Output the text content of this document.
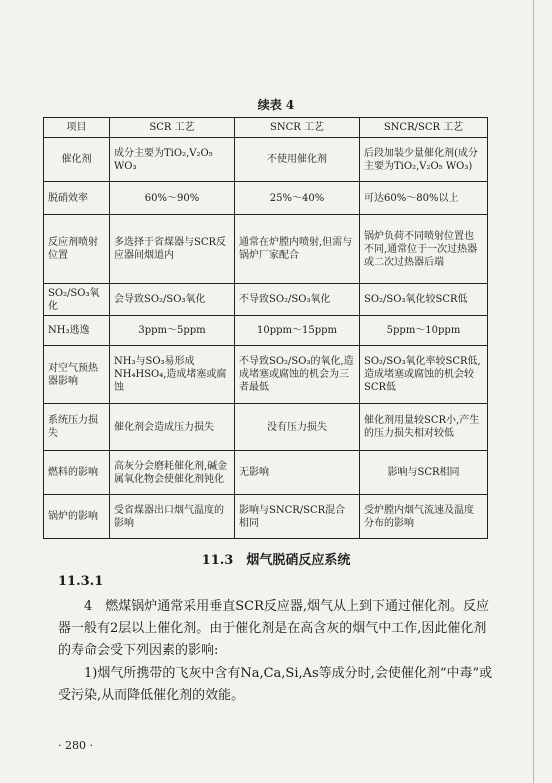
续表 4
项目	SCR 工艺	SNCR 工艺	SNCR/SCR 工艺
催化剂	成分主要为TiO₂,V₂O₅ WO₃	不使用催化剂	后段加装少量催化剂(成分主要为TiO₂,V₂O₅ WO₃)
脱硝效率	60%～90%	25%～40%	可达60%～80%以上
反应剂喷射位置	多选择于省煤器与SCR反应器间烟道内	通常在炉膛内喷射,但需与锅炉厂家配合	锅炉负荷不同喷射位置也不同,通常位于一次过热器或二次过热器后端
SO₂/SO₃氧化	会导致SO₂/SO₃氧化	不导致SO₂/SO₃氧化	SO₂/SO₃氧化较SCR低
NH₃逃逸	3ppm～5ppm	10ppm～15ppm	5ppm～10ppm
对空气预热器影响	NH₃与SO₃易形成NH₄HSO₄,造成堵塞或腐蚀	不导致SO₂/SO₃的氧化,造成堵塞或腐蚀的机会为三者最低	SO₂/SO₃氧化率较SCR低,造成堵塞或腐蚀的机会较SCR低
系统压力损失	催化剂会造成压力损失	没有压力损失	催化剂用量较SCR小,产生的压力损失相对较低
燃料的影响	高灰分会磨耗催化剂,碱金属氧化物会使催化剂钝化	无影响	影响与SCR相同
锅炉的影响	受省煤器出口烟气温度的影响	影响与SNCR/SCR混合相同	受炉膛内烟气流速及温度分布的影响
11.3　烟气脱硝反应系统
11.3.1

4　燃煤锅炉通常采用垂直SCR反应器,烟气从上到下通过催化剂。反应器一般有2层以上催化剂。由于催化剂是在高含灰的烟气中工作,因此催化剂的寿命会受下列因素的影响:

1)烟气所携带的飞灰中含有Na,Ca,Si,As等成分时,会使催化剂“中毒”或受污染,从而降低催化剂的效能。

· 280 ·
